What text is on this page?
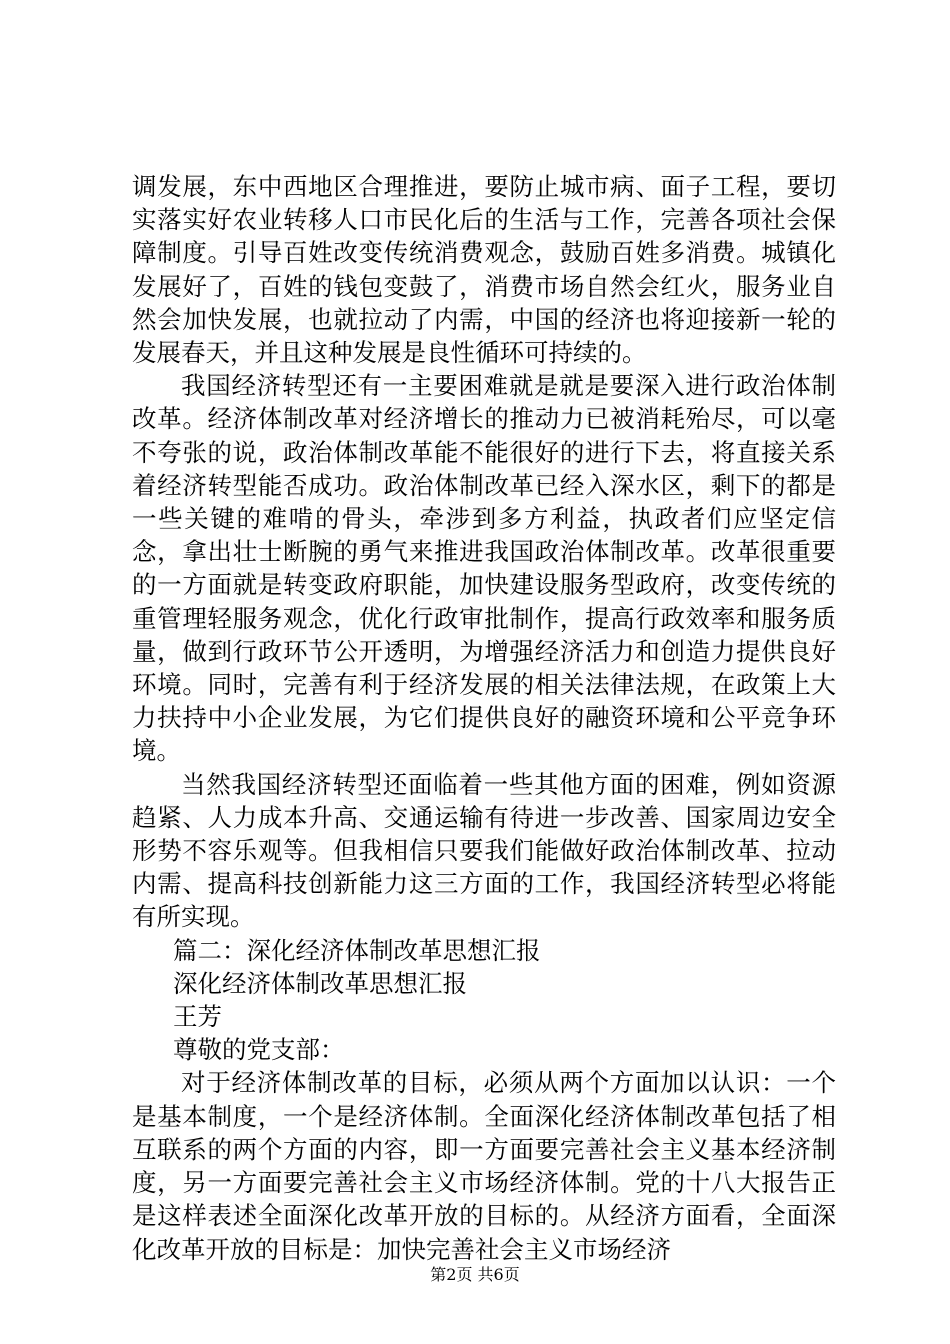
调发展，东中西地区合理推进，要防止城市病、面子工程，要切实落实好农业转移人口市民化后的生活与工作，完善各项社会保障制度。引导百姓改变传统消费观念，鼓励百姓多消费。城镇化发展好了，百姓的钱包变鼓了，消费市场自然会红火，服务业自然会加快发展，也就拉动了内需，中国的经济也将迎接新一轮的发展春天，并且这种发展是良性循环可持续的。

我国经济转型还有一主要困难就是就是要深入进行政治体制改革。经济体制改革对经济增长的推动力已被消耗殆尽，可以毫不夸张的说，政治体制改革能不能很好的进行下去，将直接关系着经济转型能否成功。政治体制改革已经入深水区，剩下的都是一些关键的难啃的骨头，牵涉到多方利益，执政者们应坚定信念，拿出壮士断腕的勇气来推进我国政治体制改革。改革很重要的一方面就是转变政府职能，加快建设服务型政府，改变传统的重管理轻服务观念，优化行政审批制作，提高行政效率和服务质量，做到行政环节公开透明，为增强经济活力和创造力提供良好环境。同时，完善有利于经济发展的相关法律法规，在政策上大力扶持中小企业发展，为它们提供良好的融资环境和公平竞争环境。

当然我国经济转型还面临着一些其他方面的困难，例如资源趋紧、人力成本升高、交通运输有待进一步改善、国家周边安全形势不容乐观等。但我相信只要我们能做好政治体制改革、拉动内需、提高科技创新能力这三方面的工作，我国经济转型必将能有所实现。

篇二：深化经济体制改革思想汇报

深化经济体制改革思想汇报

王芳

尊敬的党支部：

对于经济体制改革的目标，必须从两个方面加以认识：一个是基本制度，一个是经济体制。全面深化经济体制改革包括了相互联系的两个方面的内容，即一方面要完善社会主义基本经济制度，另一方面要完善社会主义市场经济体制。党的十八大报告正是这样表述全面深化改革开放的目标的。从经济方面看，全面深化改革开放的目标是：加快完善社会主义市场经济

第2页 共6页
